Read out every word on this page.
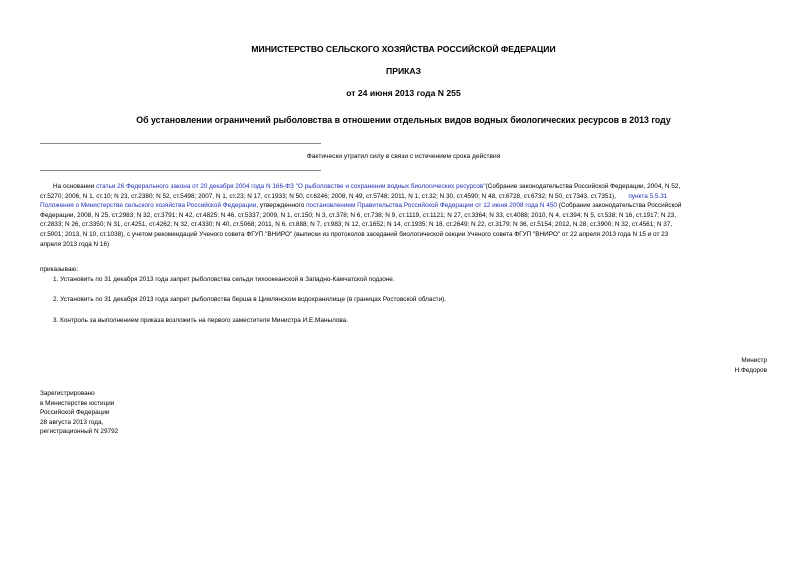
МИНИСТЕРСТВО СЕЛЬСКОГО ХОЗЯЙСТВА РОССИЙСКОЙ ФЕДЕРАЦИИ
ПРИКАЗ
от 24 июня 2013 года N 255
Об установлении ограничений рыболовства в отношении отдельных видов водных биологических ресурсов в 2013 году
Фактически утратил силу в связи с истечением срока действия
На основании статьи 26 Федерального закона от 20 декабря 2004 года N 166-ФЗ "О рыболовстве и сохранении водных биологических ресурсов"(Собрание законодательства Российской Федерации, 2004, N 52,
ст.5270; 2006, N 1, ст.10; N 23, ст.2380; N 52, ст.5498; 2007, N 1, ст.23; N 17, ст.1933; N 50, ст.6246; 2008, N 49, ст.5748; 2011, N 1, ст.32; N 30, ст.4590; N 48, ст.6728, ст.6732; N 50, ст.7343, ст.7351), пункта 5.5.31
Положения о Министерстве сельского хозяйства Российской Федерации, утвержденного постановлением Правительства Российской Федерации от 12 июня 2008 года N 450 (Собрание законодательства Российской
Федерации, 2008, N 25, ст.2983; N 32, ст.3791; N 42, ст.4825; N 46, ст.5337; 2009, N 1, ст.150; N 3, ст.378; N 6, ст.738; N 9, ст.1119, ст.1121; N 27, ст.3364; N 33, ст.4088; 2010, N 4, ст.394; N 5, ст.538; N 16, ст.1917; N 23,
ст.2833; N 26, ст.3350; N 31, ст.4251, ст.4262; N 32, ст.4330; N 40, ст.5068; 2011, N 6, ст.888; N 7, ст.983; N 12, ст.1652; N 14, ст.1935; N 18, ст.2649; N 22, ст.3179; N 36, ст.5154; 2012, N 28, ст.3900; N 32, ст.4561; N 37,
ст.5001; 2013, N 10, ст.1038), с учетом рекомендаций Ученого совета ФГУП "ВНИРО" (выписки из протоколов заседаний биологической секции Ученого совета ФГУП "ВНИРО" от 22 апреля 2013 года N 15 и от 23
апреля 2013 года N 16)
приказываю:
1. Установить по 31 декабря 2013 года запрет рыболовства сельди тихоокеанской в Западно-Камчатской подзоне.
2. Установить по 31 декабря 2013 года запрет рыболовства берша в Цимлянском водохранилище (в границах Ростовской области).
3. Контроль за выполнением приказа возложить на первого заместителя Министра И.Е.Манылова.
Министр
Н.Федоров
Зарегистрировано
в Министерстве юстиции
Российской Федерации
28 августа 2013 года,
регистрационный N 29792
